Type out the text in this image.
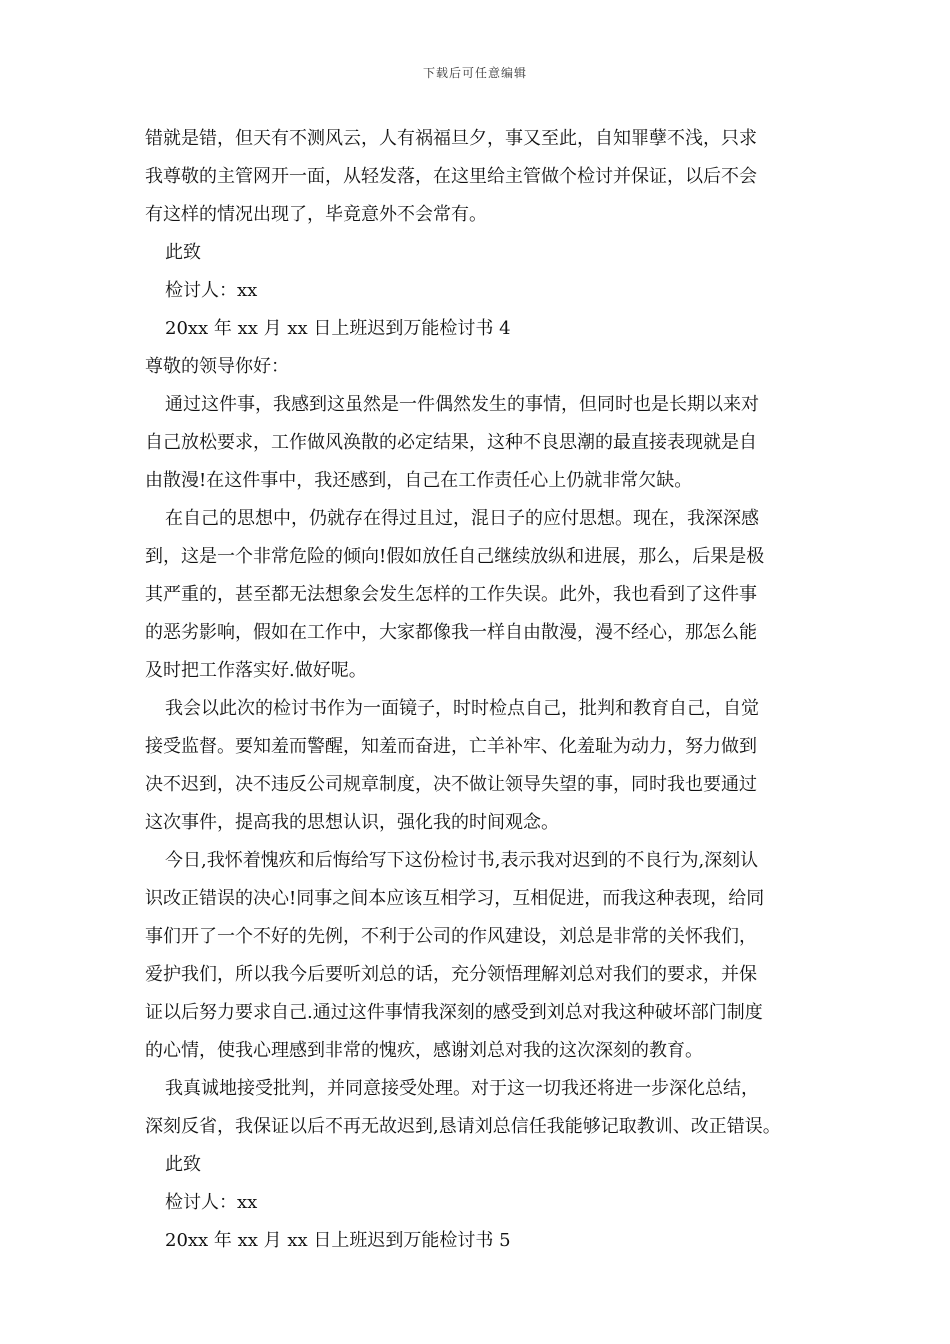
下载后可任意编辑
错就是错，但天有不测风云，人有祸福旦夕，事又至此，自知罪孽不浅，只求
我尊敬的主管网开一面，从轻发落，在这里给主管做个检讨并保证，以后不会
有这样的情况出现了，毕竟意外不会常有。
此致
检讨人：xx
20xx 年 xx 月 xx 日上班迟到万能检讨书 4
尊敬的领导你好：
通过这件事，我感到这虽然是一件偶然发生的事情，但同时也是长期以来对
自己放松要求，工作做风涣散的必定结果，这种不良思潮的最直接表现就是自
由散漫!在这件事中，我还感到，自己在工作责任心上仍就非常欠缺。
在自己的思想中，仍就存在得过且过，混日子的应付思想。现在，我深深感
到，这是一个非常危险的倾向!假如放任自己继续放纵和进展，那么，后果是极
其严重的，甚至都无法想象会发生怎样的工作失误。此外，我也看到了这件事
的恶劣影响，假如在工作中，大家都像我一样自由散漫，漫不经心，那怎么能
及时把工作落实好.做好呢。
我会以此次的检讨书作为一面镜子，时时检点自己，批判和教育自己，自觉
接受监督。要知羞而警醒，知羞而奋进，亡羊补牢、化羞耻为动力，努力做到
决不迟到，决不违反公司规章制度，决不做让领导失望的事，同时我也要通过
这次事件，提高我的思想认识，强化我的时间观念。
今日,我怀着愧疚和后悔给写下这份检讨书,表示我对迟到的不良行为,深刻认
识改正错误的决心!同事之间本应该互相学习，互相促进，而我这种表现，给同
事们开了一个不好的先例，不利于公司的作风建设，刘总是非常的关怀我们，
爱护我们，所以我今后要听刘总的话，充分领悟理解刘总对我们的要求，并保
证以后努力要求自己.通过这件事情我深刻的感受到刘总对我这种破坏部门制度
的心情，使我心理感到非常的愧疚，感谢刘总对我的这次深刻的教育。
我真诚地接受批判，并同意接受处理。对于这一切我还将进一步深化总结，
深刻反省，我保证以后不再无故迟到,恳请刘总信任我能够记取教训、改正错误。
此致
检讨人：xx
20xx 年 xx 月 xx 日上班迟到万能检讨书 5
